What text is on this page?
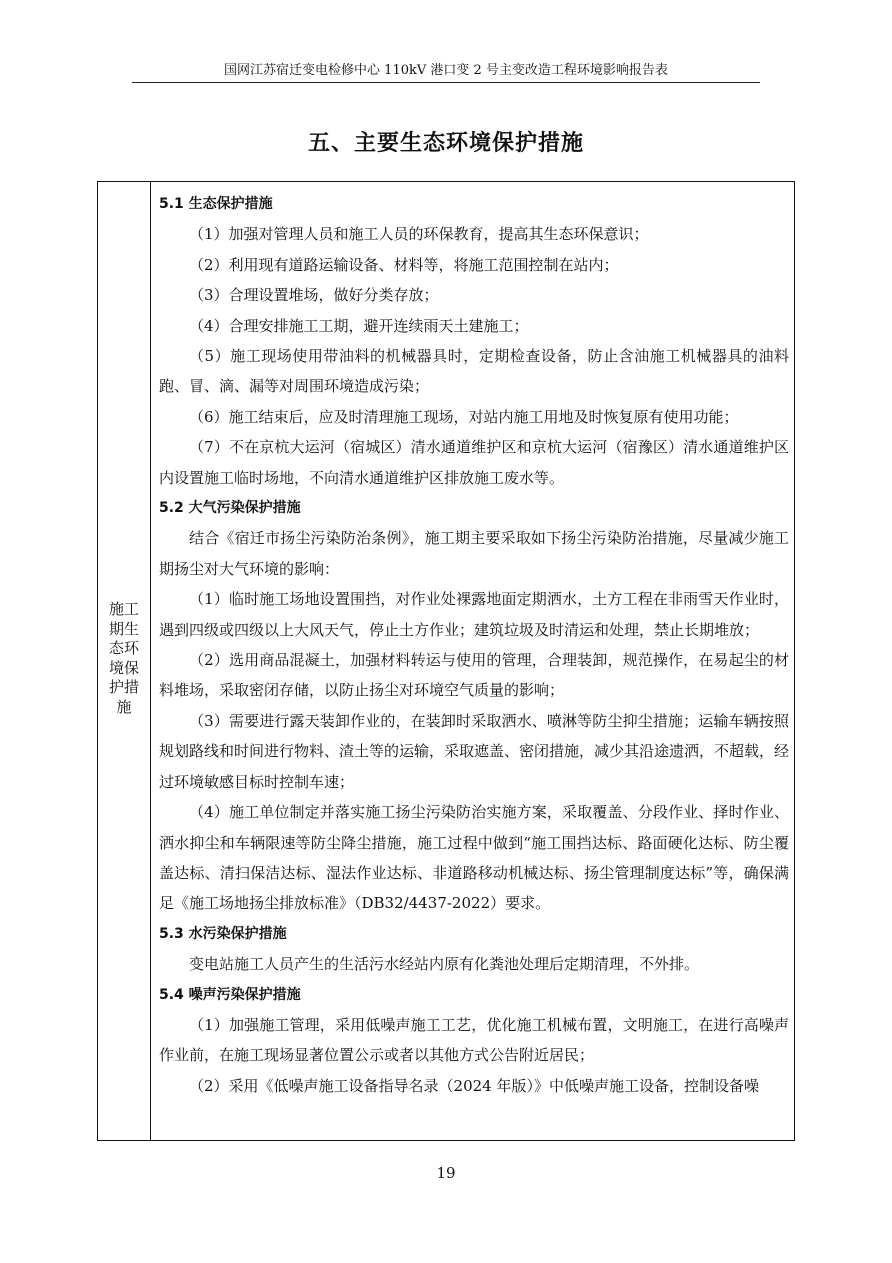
国网江苏宿迁变电检修中心 110kV 港口变 2 号主变改造工程环境影响报告表
五、主要生态环境保护措施
施工期生态环境保护措施
5.1 生态保护措施

（1）加强对管理人员和施工人员的环保教育，提高其生态环保意识；

（2）利用现有道路运输设备、材料等，将施工范围控制在站内；

（3）合理设置堆场，做好分类存放；

（4）合理安排施工工期，避开连续雨天土建施工；

（5）施工现场使用带油料的机械器具时，定期检查设备，防止含油施工机械器具的油料跑、冒、滴、漏等对周围环境造成污染；

（6）施工结束后，应及时清理施工现场，对站内施工用地及时恢复原有使用功能；

（7）不在京杭大运河（宿城区）清水通道维护区和京杭大运河（宿豫区）清水通道维护区内设置施工临时场地，不向清水通道维护区排放施工废水等。

5.2 大气污染保护措施

结合《宿迁市扬尘污染防治条例》，施工期主要采取如下扬尘污染防治措施，尽量减少施工期扬尘对大气环境的影响：

（1）临时施工场地设置围挡，对作业处裸露地面定期洒水，土方工程在非雨雪天作业时，遇到四级或四级以上大风天气，停止土方作业；建筑垃圾及时清运和处理，禁止长期堆放；

（2）选用商品混凝土，加强材料转运与使用的管理，合理装卸，规范操作，在易起尘的材料堆场，采取密闭存储，以防止扬尘对环境空气质量的影响；

（3）需要进行露天装卸作业的，在装卸时采取洒水、喷淋等防尘抑尘措施；运输车辆按照规划路线和时间进行物料、渣土等的运输，采取遮盖、密闭措施，减少其沿途遗洒，不超载，经过环境敏感目标时控制车速；

（4）施工单位制定并落实施工扬尘污染防治实施方案，采取覆盖、分段作业、择时作业、洒水抑尘和车辆限速等防尘降尘措施，施工过程中做到“施工围挡达标、路面硬化达标、防尘覆盖达标、清扫保洁达标、湿法作业达标、非道路移动机械达标、扬尘管理制度达标”等，确保满足《施工场地扬尘排放标准》（DB32/4437-2022）要求。

5.3 水污染保护措施

变电站施工人员产生的生活污水经站内原有化粪池处理后定期清理，不外排。

5.4 噪声污染保护措施

（1）加强施工管理，采用低噪声施工工艺，优化施工机械布置，文明施工，在进行高噪声作业前，在施工现场显著位置公示或者以其他方式公告附近居民；

（2）采用《低噪声施工设备指导名录（2024 年版）》中低噪声施工设备，控制设备噪

19
